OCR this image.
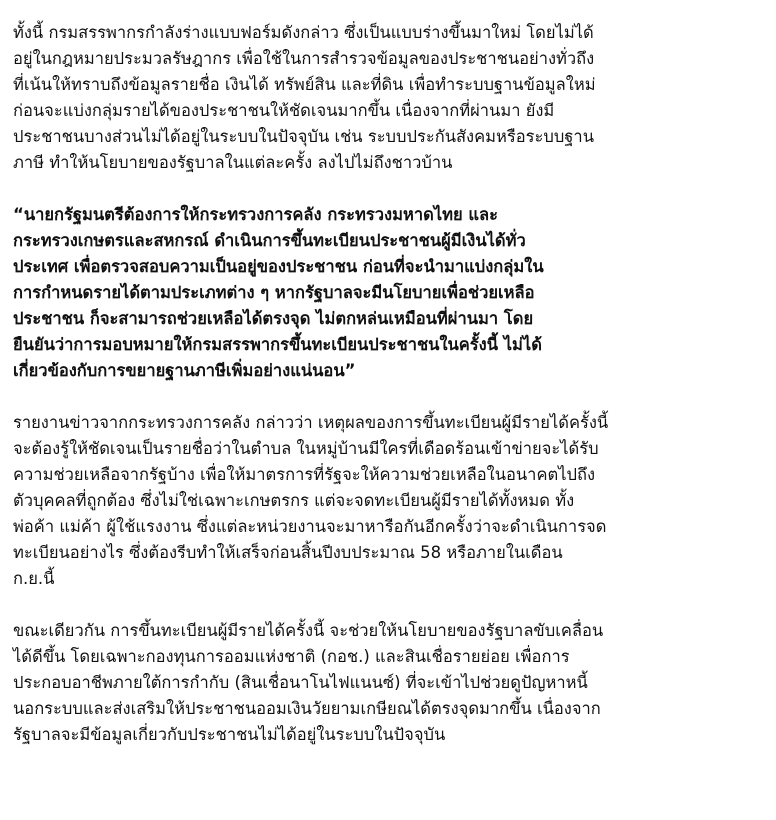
ทั้งนี้ กรมสรรพากรกำลังร่างแบบฟอร์มดังกล่าว ซึ่งเป็นแบบร่างขึ้นมาใหม่ โดยไม่ได้
อยู่ในกฎหมายประมวลรัษฎากร เพื่อใช้ในการสำรวจข้อมูลของประชาชนอย่างทั่วถึง
ที่เน้นให้ทราบถึงข้อมูลรายชื่อ เงินได้ ทรัพย์สิน และที่ดิน เพื่อทำระบบฐานข้อมูลใหม่
ก่อนจะแบ่งกลุ่มรายได้ของประชาชนให้ชัดเจนมากขึ้น เนื่องจากที่ผ่านมา ยังมี
ประชาชนบางส่วนไม่ได้อยู่ในระบบในปัจจุบัน เช่น ระบบประกันสังคมหรือระบบฐาน
ภาษี ทำให้นโยบายของรัฐบาลในแต่ละครั้ง ลงไปไม่ถึงชาวบ้าน

“นายกรัฐมนตรีต้องการให้กระทรวงการคลัง กระทรวงมหาดไทย และ
กระทรวงเกษตรและสหกรณ์ ดำเนินการขึ้นทะเบียนประชาชนผู้มีเงินได้ทั่ว
ประเทศ เพื่อตรวจสอบความเป็นอยู่ของประชาชน ก่อนที่จะนำมาแบ่งกลุ่มใน
การกำหนดรายได้ตามประเภทต่าง ๆ หากรัฐบาลจะมีนโยบายเพื่อช่วยเหลือ
ประชาชน ก็จะสามารถช่วยเหลือได้ตรงจุด ไม่ตกหล่นเหมือนที่ผ่านมา โดย
ยืนยันว่าการมอบหมายให้กรมสรรพากรขึ้นทะเบียนประชาชนในครั้งนี้ ไม่ได้
เกี่ยวข้องกับการขยายฐานภาษีเพิ่มอย่างแน่นอน”

รายงานข่าวจากกระทรวงการคลัง กล่าวว่า เหตุผลของการขึ้นทะเบียนผู้มีรายได้ครั้งนี้
จะต้องรู้ให้ชัดเจนเป็นรายชื่อว่าในตำบล ในหมู่บ้านมีใครที่เดือดร้อนเข้าข่ายจะได้รับ
ความช่วยเหลือจากรัฐบ้าง เพื่อให้มาตรการที่รัฐจะให้ความช่วยเหลือในอนาคตไปถึง
ตัวบุคคลที่ถูกต้อง ซึ่งไม่ใช่เฉพาะเกษตรกร แต่จะจดทะเบียนผู้มีรายได้ทั้งหมด ทั้ง
พ่อค้า แม่ค้า ผู้ใช้แรงงาน ซึ่งแต่ละหน่วยงานจะมาหารือกันอีกครั้งว่าจะดำเนินการจด
ทะเบียนอย่างไร ซึ่งต้องรีบทำให้เสร็จก่อนสิ้นปีงบประมาณ 58 หรือภายในเดือน
ก.ย.นี้

ขณะเดียวกัน การขึ้นทะเบียนผู้มีรายได้ครั้งนี้ จะช่วยให้นโยบายของรัฐบาลขับเคลื่อน
ได้ดีขึ้น โดยเฉพาะกองทุนการออมแห่งชาติ (กอช.) และสินเชื่อรายย่อย เพื่อการ
ประกอบอาชีพภายใต้การกำกับ (สินเชื่อนาโนไฟแนนซ์) ที่จะเข้าไปช่วยดูปัญหาหนี้
นอกระบบและส่งเสริมให้ประชาชนออมเงินวัยยามเกษียณได้ตรงจุดมากขึ้น เนื่องจาก
รัฐบาลจะมีข้อมูลเกี่ยวกับประชาชนไม่ได้อยู่ในระบบในปัจจุบัน
